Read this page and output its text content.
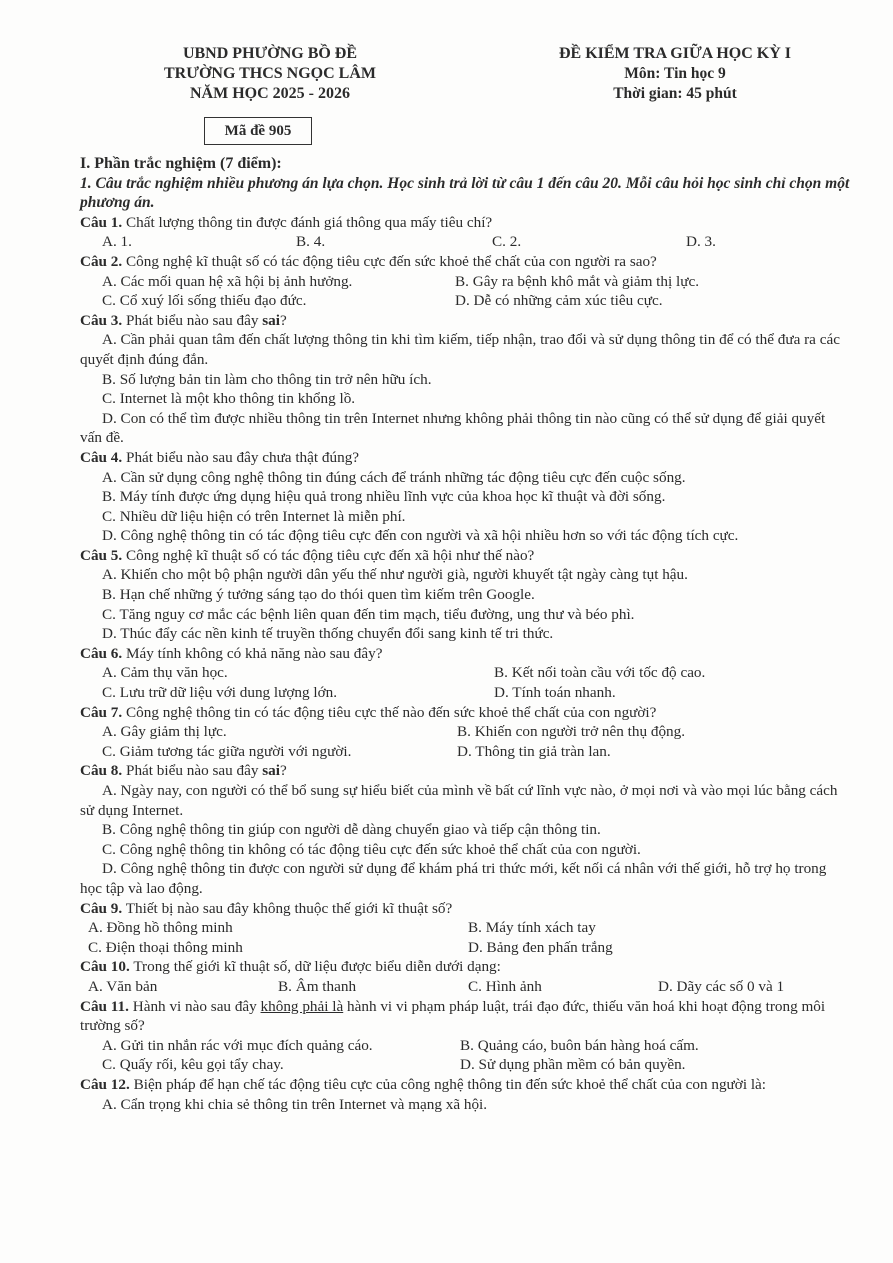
UBND PHƯỜNG BỒ ĐỀ
TRƯỜNG THCS NGỌC LÂM
NĂM HỌC 2025 - 2026
ĐỀ KIỂM TRA GIỮA HỌC KỲ I
Môn: Tin học 9
Thời gian: 45 phút
Mã đề 905
I. Phần trắc nghiệm (7 điểm):
1. Câu trắc nghiệm nhiều phương án lựa chọn. Học sinh trả lời từ câu 1 đến câu 20. Mỗi câu hỏi học sinh chỉ chọn một phương án.
Câu 1. Chất lượng thông tin được đánh giá thông qua mấy tiêu chí?
A. 1.	B. 4.	C. 2.	D. 3.
Câu 2. Công nghệ kĩ thuật số có tác động tiêu cực đến sức khoẻ thể chất của con người ra sao?
A. Các mối quan hệ xã hội bị ảnh hưởng.	B. Gây ra bệnh khô mắt và giảm thị lực.
C. Cổ xuý lối sống thiếu đạo đức.	D. Dễ có những cảm xúc tiêu cực.
Câu 3. Phát biểu nào sau đây sai?
A. Cần phải quan tâm đến chất lượng thông tin khi tìm kiếm, tiếp nhận, trao đổi và sử dụng thông tin để có thể đưa ra các quyết định đúng đắn.
B. Số lượng bản tin làm cho thông tin trở nên hữu ích.
C. Internet là một kho thông tin khổng lồ.
D. Con có thể tìm được nhiều thông tin trên Internet nhưng không phải thông tin nào cũng có thể sử dụng để giải quyết vấn đề.
Câu 4. Phát biểu nào sau đây chưa thật đúng?
A. Cần sử dụng công nghệ thông tin đúng cách để tránh những tác động tiêu cực đến cuộc sống.
B. Máy tính được ứng dụng hiệu quả trong nhiều lĩnh vực của khoa học kĩ thuật và đời sống.
C. Nhiều dữ liệu hiện có trên Internet là miễn phí.
D. Công nghệ thông tin có tác động tiêu cực đến con người và xã hội nhiều hơn so với tác động tích cực.
Câu 5. Công nghệ kĩ thuật số có tác động tiêu cực đến xã hội như thế nào?
A. Khiến cho một bộ phận người dân yếu thế như người già, người khuyết tật ngày càng tụt hậu.
B. Hạn chế những ý tưởng sáng tạo do thói quen tìm kiếm trên Google.
C. Tăng nguy cơ mắc các bệnh liên quan đến tim mạch, tiểu đường, ung thư và béo phì.
D. Thúc đẩy các nền kinh tế truyền thống chuyển đổi sang kinh tế tri thức.
Câu 6. Máy tính không có khả năng nào sau đây?
A. Cảm thụ văn học.	B. Kết nối toàn cầu với tốc độ cao.
C. Lưu trữ dữ liệu với dung lượng lớn.	D. Tính toán nhanh.
Câu 7. Công nghệ thông tin có tác động tiêu cực thế nào đến sức khoẻ thể chất của con người?
A. Gây giảm thị lực.	B. Khiến con người trở nên thụ động.
C. Giảm tương tác giữa người với người.	D. Thông tin giả tràn lan.
Câu 8. Phát biểu nào sau đây sai?
A. Ngày nay, con người có thể bổ sung sự hiểu biết của mình về bất cứ lĩnh vực nào, ở mọi nơi và vào mọi lúc bằng cách sử dụng Internet.
B. Công nghệ thông tin giúp con người dễ dàng chuyển giao và tiếp cận thông tin.
C. Công nghệ thông tin không có tác động tiêu cực đến sức khoẻ thể chất của con người.
D. Công nghệ thông tin được con người sử dụng để khám phá tri thức mới, kết nối cá nhân với thế giới, hỗ trợ họ trong học tập và lao động.
Câu 9. Thiết bị nào sau đây không thuộc thế giới kĩ thuật số?
A. Đồng hồ thông minh	B. Máy tính xách tay
C. Điện thoại thông minh	D. Bảng đen phấn trắng
Câu 10. Trong thế giới kĩ thuật số, dữ liệu được biểu diễn dưới dạng:
A. Văn bản	B. Âm thanh	C. Hình ảnh	D. Dãy các số 0 và 1
Câu 11. Hành vi nào sau đây không phải là hành vi vi phạm pháp luật, trái đạo đức, thiếu văn hoá khi hoạt động trong môi trường số?
A. Gửi tin nhắn rác với mục đích quảng cáo.	B. Quảng cáo, buôn bán hàng hoá cấm.
C. Quấy rối, kêu gọi tẩy chay.	D. Sử dụng phần mềm có bản quyền.
Câu 12. Biện pháp để hạn chế tác động tiêu cực của công nghệ thông tin đến sức khoẻ thể chất của con người là:
A. Cẩn trọng khi chia sẻ thông tin trên Internet và mạng xã hội.
